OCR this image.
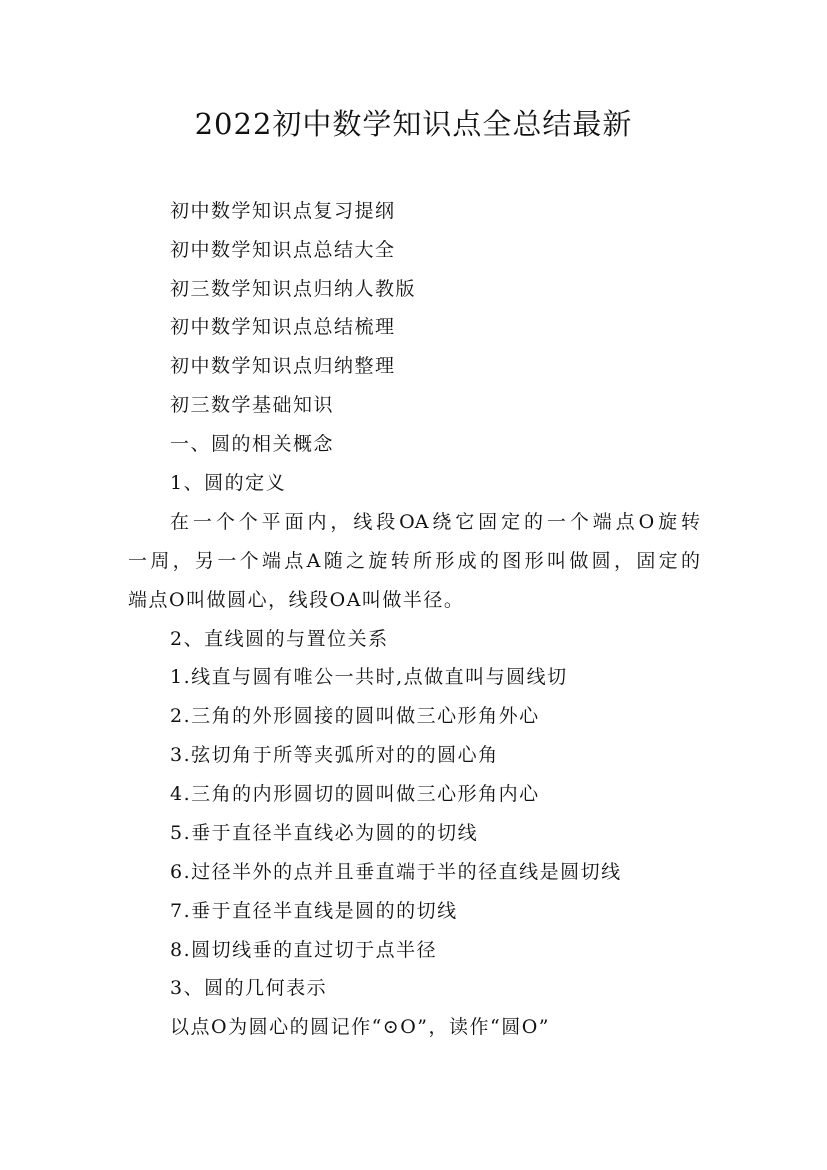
2022初中数学知识点全总结最新
初中数学知识点复习提纲
初中数学知识点总结大全
初三数学知识点归纳人教版
初中数学知识点总结梳理
初中数学知识点归纳整理
初三数学基础知识
一、圆的相关概念
1、圆的定义
在一个个平面内，线段OA绕它固定的一个端点O旋转
一周，另一个端点A随之旋转所形成的图形叫做圆，固定的
端点O叫做圆心，线段OA叫做半径。
2、直线圆的与置位关系
1.线直与圆有唯公一共时,点做直叫与圆线切
2.三角的外形圆接的圆叫做三心形角外心
3.弦切角于所等夹弧所对的的圆心角
4.三角的内形圆切的圆叫做三心形角内心
5.垂于直径半直线必为圆的的切线
6.过径半外的点并且垂直端于半的径直线是圆切线
7.垂于直径半直线是圆的的切线
8.圆切线垂的直过切于点半径
3、圆的几何表示
以点O为圆心的圆记作“⊙O”，读作“圆O”
